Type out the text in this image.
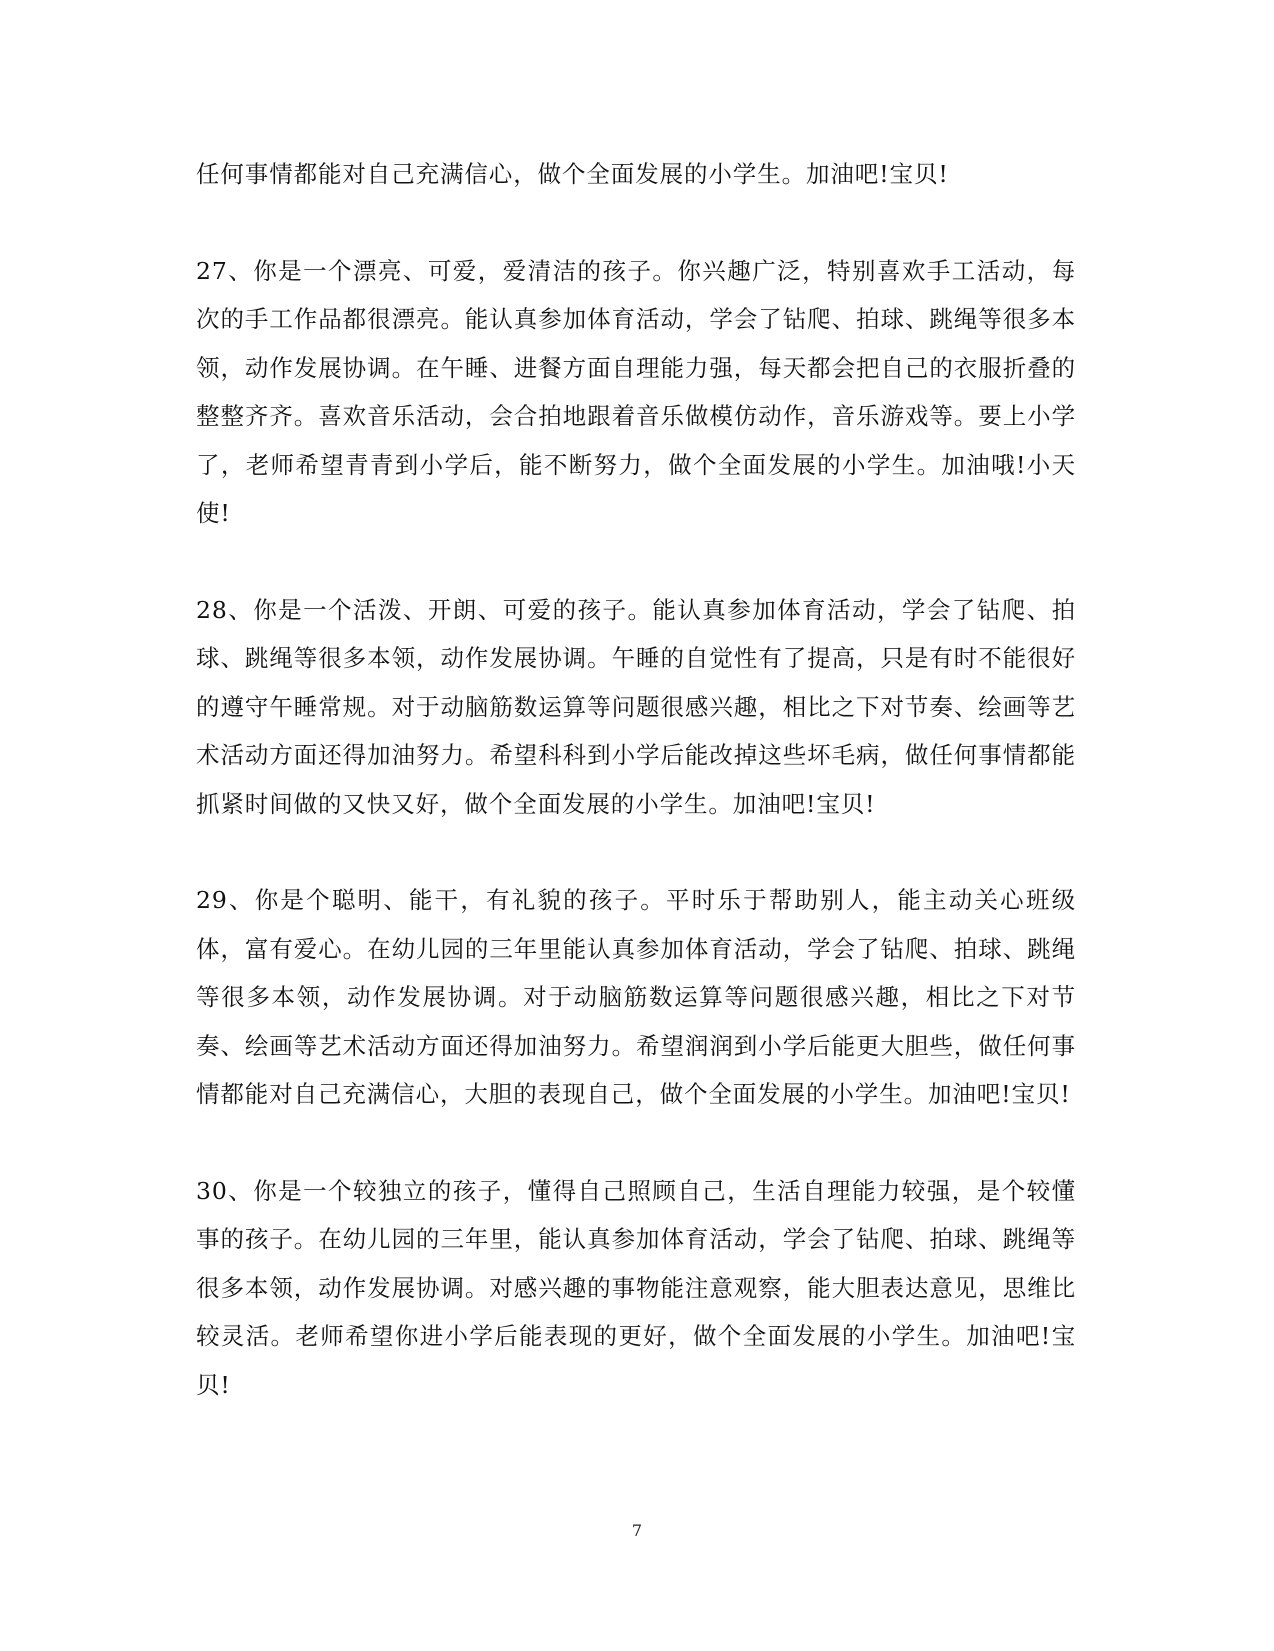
任何事情都能对自己充满信心，做个全面发展的小学生。加油吧!宝贝!

27、你是一个漂亮、可爱，爱清洁的孩子。你兴趣广泛，特别喜欢手工活动，每次的手工作品都很漂亮。能认真参加体育活动，学会了钻爬、拍球、跳绳等很多本领，动作发展协调。在午睡、进餐方面自理能力强，每天都会把自己的衣服折叠的整整齐齐。喜欢音乐活动，会合拍地跟着音乐做模仿动作，音乐游戏等。要上小学了，老师希望青青到小学后，能不断努力，做个全面发展的小学生。加油哦!小天使!

28、你是一个活泼、开朗、可爱的孩子。能认真参加体育活动，学会了钻爬、拍球、跳绳等很多本领，动作发展协调。午睡的自觉性有了提高，只是有时不能很好的遵守午睡常规。对于动脑筋数运算等问题很感兴趣，相比之下对节奏、绘画等艺术活动方面还得加油努力。希望科科到小学后能改掉这些坏毛病，做任何事情都能抓紧时间做的又快又好，做个全面发展的小学生。加油吧!宝贝!

29、你是个聪明、能干，有礼貌的孩子。平时乐于帮助别人，能主动关心班级体，富有爱心。在幼儿园的三年里能认真参加体育活动，学会了钻爬、拍球、跳绳等很多本领，动作发展协调。对于动脑筋数运算等问题很感兴趣，相比之下对节奏、绘画等艺术活动方面还得加油努力。希望润润到小学后能更大胆些，做任何事情都能对自己充满信心，大胆的表现自己，做个全面发展的小学生。加油吧!宝贝!

30、你是一个较独立的孩子，懂得自己照顾自己，生活自理能力较强，是个较懂事的孩子。在幼儿园的三年里，能认真参加体育活动，学会了钻爬、拍球、跳绳等很多本领，动作发展协调。对感兴趣的事物能注意观察，能大胆表达意见，思维比较灵活。老师希望你进小学后能表现的更好，做个全面发展的小学生。加油吧!宝贝!

7
